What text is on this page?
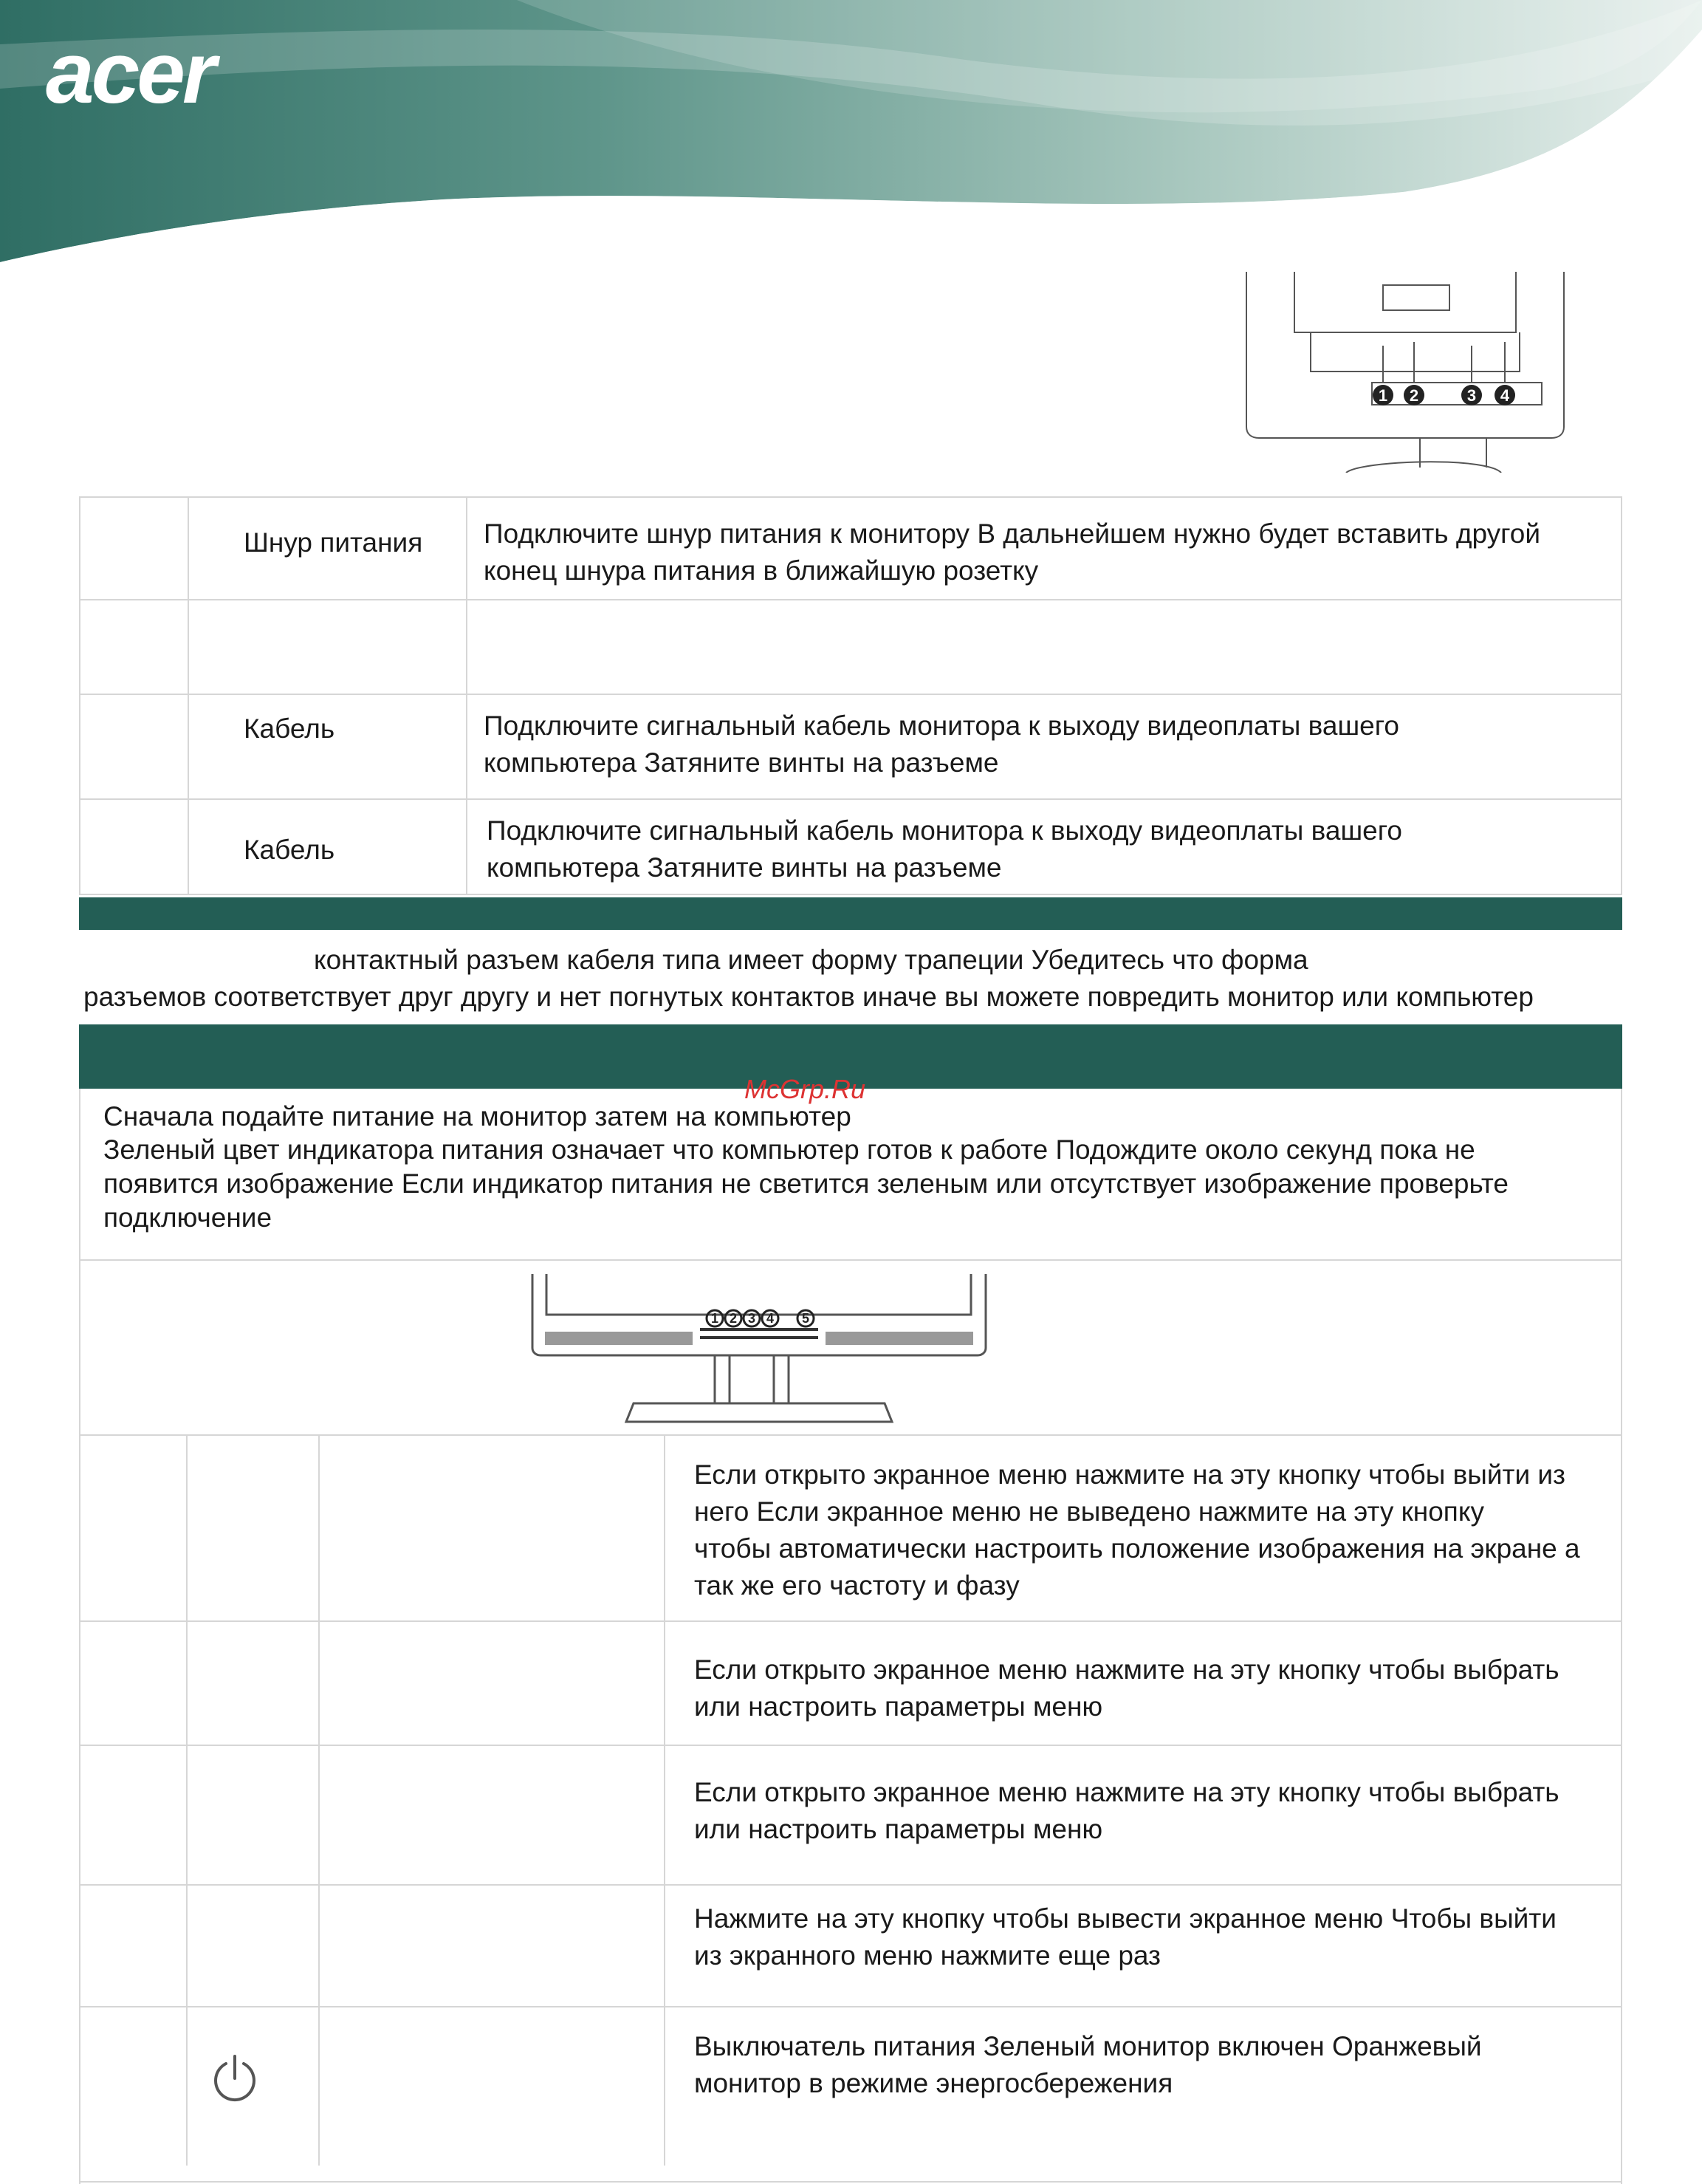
acer
1 2	3 4
Шнур питания Подключите шнур питания к монитору В дальнейшем нужно будет вставить другой
конец шнура питания в ближайшую розетку
Кабель	Подключите сигнальный кабель монитора к выходу видеоплаты вашего
компьютера Затяните винты на разъеме
Кабель
Подключите сигнальный кабель монитора к выходу видеоплаты вашего
компьютера Затяните винты на разъеме
контактный разъем кабеля типа имеет форму трапеции Убедитесь что форма
разъемов соответствует друг другу и нет погнутых контактов иначе вы можете повредить монитор или компьютер
McGrp.Ru
Сначала подайте питание на монитор затем на компьютер
Зеленый цвет индикатора питания означает что компьютер готов к работе Подождите около секунд пока не
появится изображение Если индикатор питания не светится зеленым или отсутствует изображение проверьте
подключение
1 2 3 4 5
Если открыто экранное меню нажмите на эту кнопку чтобы выйти из
него Если экранное меню не выведено нажмите на эту кнопку
чтобы автоматически настроить положение изображения на экране а
так же его частоту и фазу
Если открыто экранное меню нажмите на эту кнопку чтобы выбрать
или настроить параметры меню
Если открыто экранное меню нажмите на эту кнопку чтобы выбрать
или настроить параметры меню
Нажмите на эту кнопку чтобы вывести экранное меню Чтобы выйти
из экранного меню нажмите еще раз
Выключатель питания Зеленый монитор включен Оранжевый
монитор в режиме энергосбережения
